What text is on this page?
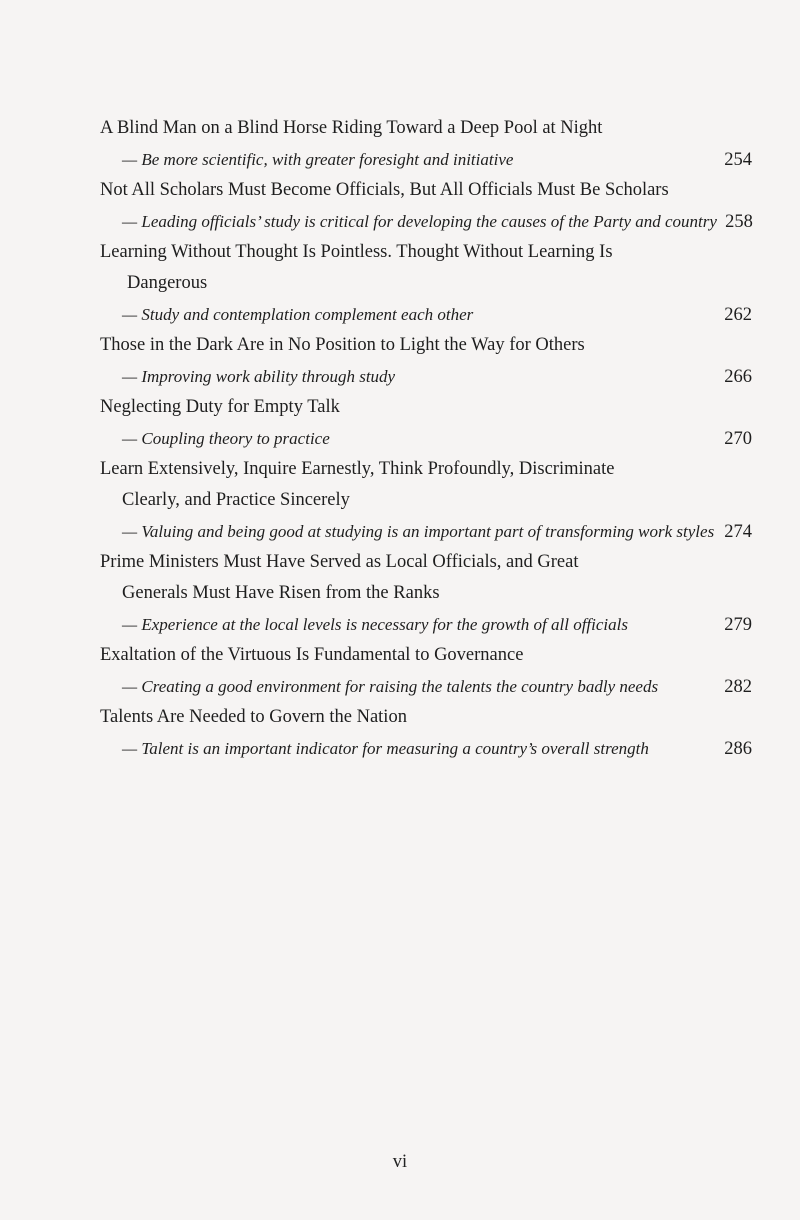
A Blind Man on a Blind Horse Riding Toward a Deep Pool at Night
— Be more scientific, with greater foresight and initiative	254
Not All Scholars Must Become Officials, But All Officials Must Be Scholars
— Leading officials’ study is critical for developing the causes of the Party and country 258
Learning Without Thought Is Pointless. Thought Without Learning Is
Dangerous
— Study and contemplation complement each other	262
Those in the Dark Are in No Position to Light the Way for Others
— Improving work ability through study	266
Neglecting Duty for Empty Talk
— Coupling theory to practice	270
Learn Extensively, Inquire Earnestly, Think Profoundly, Discriminate
Clearly, and Practice Sincerely
— Valuing and being good at studying is an important part of transforming work styles 274
Prime Ministers Must Have Served as Local Officials, and Great
Generals Must Have Risen from the Ranks
— Experience at the local levels is necessary for the growth of all officials	279
Exaltation of the Virtuous Is Fundamental to Governance
— Creating a good environment for raising the talents the country badly needs	282
Talents Are Needed to Govern the Nation
— Talent is an important indicator for measuring a country’s overall strength	286
vi
